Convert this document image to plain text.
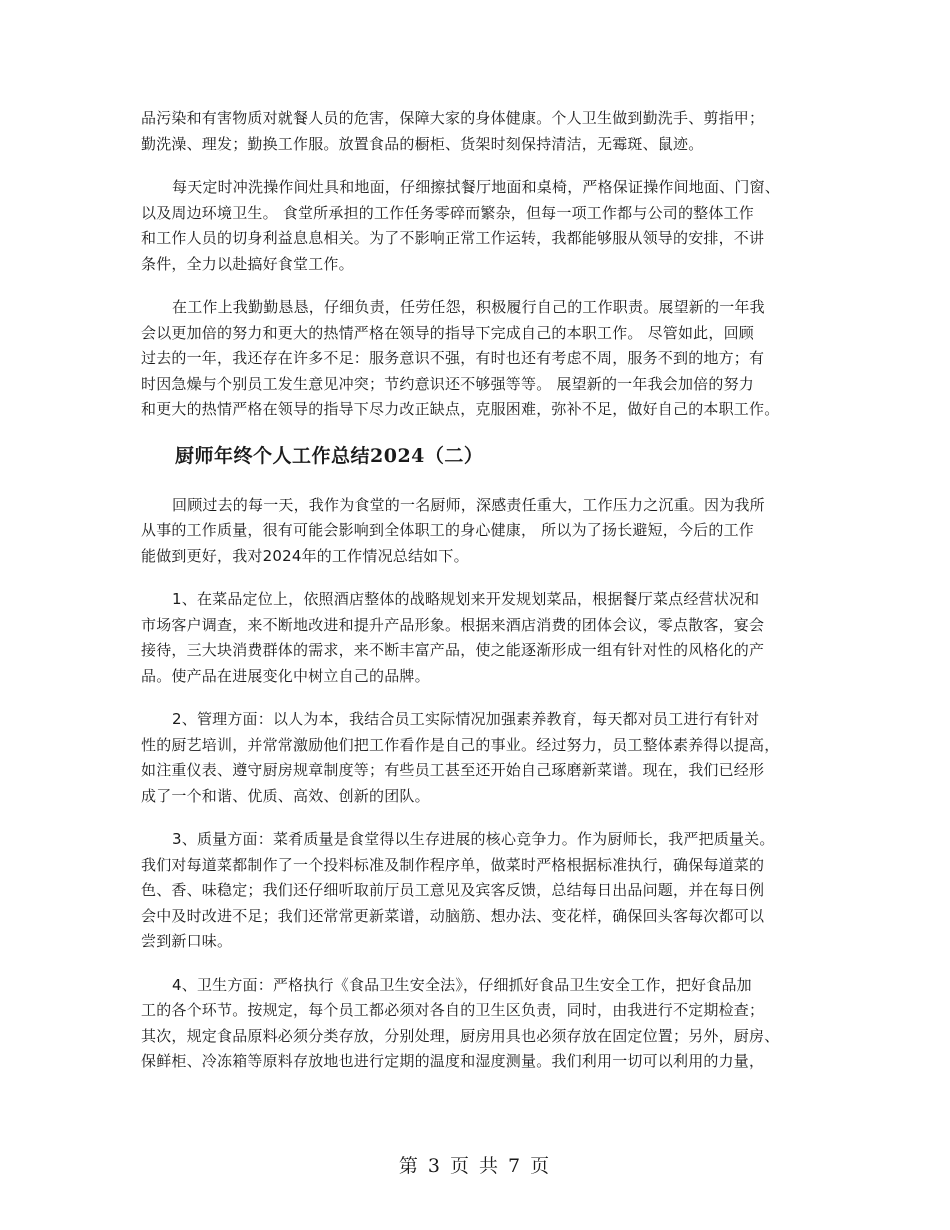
品污染和有害物质对就餐人员的危害，保障大家的身体健康。个人卫生做到勤洗手、剪指甲；
勤洗澡、理发；勤换工作服。放置食品的橱柜、货架时刻保持清洁，无霉斑、鼠迹。

每天定时冲洗操作间灶具和地面，仔细擦拭餐厅地面和桌椅，严格保证操作间地面、门窗、
以及周边环境卫生。 食堂所承担的工作任务零碎而繁杂，但每一项工作都与公司的整体工作
和工作人员的切身利益息息相关。为了不影响正常工作运转，我都能够服从领导的安排，不讲
条件，全力以赴搞好食堂工作。

在工作上我勤勤恳恳，仔细负责，任劳任怨，积极履行自己的工作职责。展望新的一年我
会以更加倍的努力和更大的热情严格在领导的指导下完成自己的本职工作。 尽管如此，回顾
过去的一年，我还存在许多不足：服务意识不强，有时也还有考虑不周，服务不到的地方；有
时因急燥与个别员工发生意见冲突；节约意识还不够强等等。 展望新的一年我会加倍的努力
和更大的热情严格在领导的指导下尽力改正缺点，克服困难，弥补不足，做好自己的本职工作。

厨师年终个人工作总结2024（二）

回顾过去的每一天，我作为食堂的一名厨师，深感责任重大，工作压力之沉重。因为我所
从事的工作质量，很有可能会影响到全体职工的身心健康， 所以为了扬长避短，今后的工作
能做到更好，我对2024年的工作情况总结如下。

1、在菜品定位上，依照酒店整体的战略规划来开发规划菜品，根据餐厅菜点经营状况和
市场客户调查，来不断地改进和提升产品形象。根据来酒店消费的团体会议，零点散客，宴会
接待，三大块消费群体的需求，来不断丰富产品，使之能逐渐形成一组有针对性的风格化的产
品。使产品在进展变化中树立自己的品牌。

2、管理方面：以人为本，我结合员工实际情况加强素养教育，每天都对员工进行有针对
性的厨艺培训，并常常激励他们把工作看作是自己的事业。经过努力，员工整体素养得以提高，
如注重仪表、遵守厨房规章制度等；有些员工甚至还开始自己琢磨新菜谱。现在，我们已经形
成了一个和谐、优质、高效、创新的团队。

3、质量方面：菜肴质量是食堂得以生存进展的核心竞争力。作为厨师长，我严把质量关。
我们对每道菜都制作了一个投料标准及制作程序单，做菜时严格根据标准执行，确保每道菜的
色、香、味稳定；我们还仔细听取前厅员工意见及宾客反馈，总结每日出品问题，并在每日例
会中及时改进不足；我们还常常更新菜谱，动脑筋、想办法、变花样，确保回头客每次都可以
尝到新口味。

4、卫生方面：严格执行《食品卫生安全法》，仔细抓好食品卫生安全工作，把好食品加
工的各个环节。按规定，每个员工都必须对各自的卫生区负责，同时，由我进行不定期检查；
其次，规定食品原料必须分类存放，分别处理，厨房用具也必须存放在固定位置；另外，厨房、
保鲜柜、冷冻箱等原料存放地也进行定期的温度和湿度测量。我们利用一切可以利用的力量，

第 3 页 共 7 页
